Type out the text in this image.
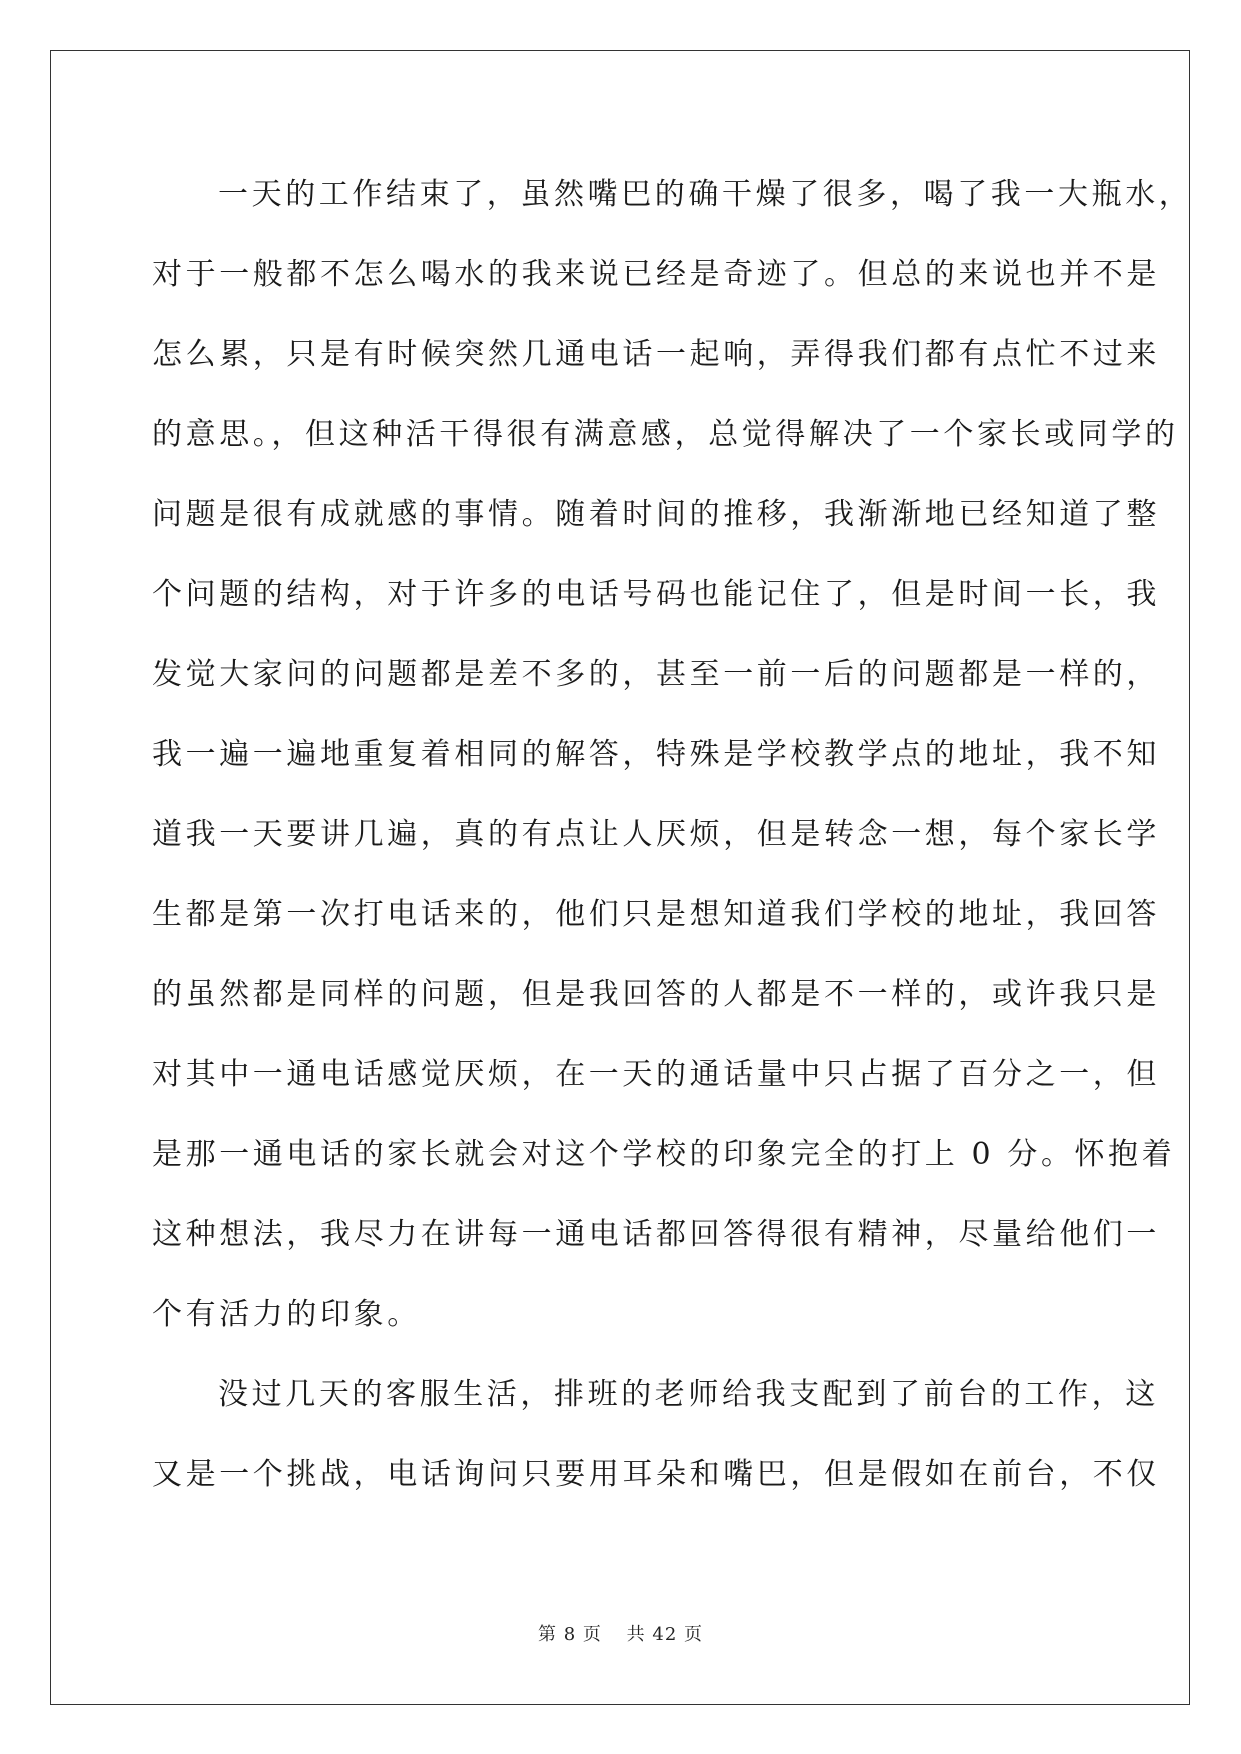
一天的工作结束了，虽然嘴巴的确干燥了很多，喝了我一大瓶水，
对于一般都不怎么喝水的我来说已经是奇迹了。但总的来说也并不是
怎么累，只是有时候突然几通电话一起响，弄得我们都有点忙不过来
的意思。，但这种活干得很有满意感，总觉得解决了一个家长或同学的
问题是很有成就感的事情。随着时间的推移，我渐渐地已经知道了整
个问题的结构，对于许多的电话号码也能记住了，但是时间一长，我
发觉大家问的问题都是差不多的，甚至一前一后的问题都是一样的，
我一遍一遍地重复着相同的解答，特殊是学校教学点的地址，我不知
道我一天要讲几遍，真的有点让人厌烦，但是转念一想，每个家长学
生都是第一次打电话来的，他们只是想知道我们学校的地址，我回答
的虽然都是同样的问题，但是我回答的人都是不一样的，或许我只是
对其中一通电话感觉厌烦，在一天的通话量中只占据了百分之一，但
是那一通电话的家长就会对这个学校的印象完全的打上 0 分。怀抱着
这种想法，我尽力在讲每一通电话都回答得很有精神，尽量给他们一
个有活力的印象。
没过几天的客服生活，排班的老师给我支配到了前台的工作，这
又是一个挑战，电话询问只要用耳朵和嘴巴，但是假如在前台，不仅
第 8 页 共 42 页
